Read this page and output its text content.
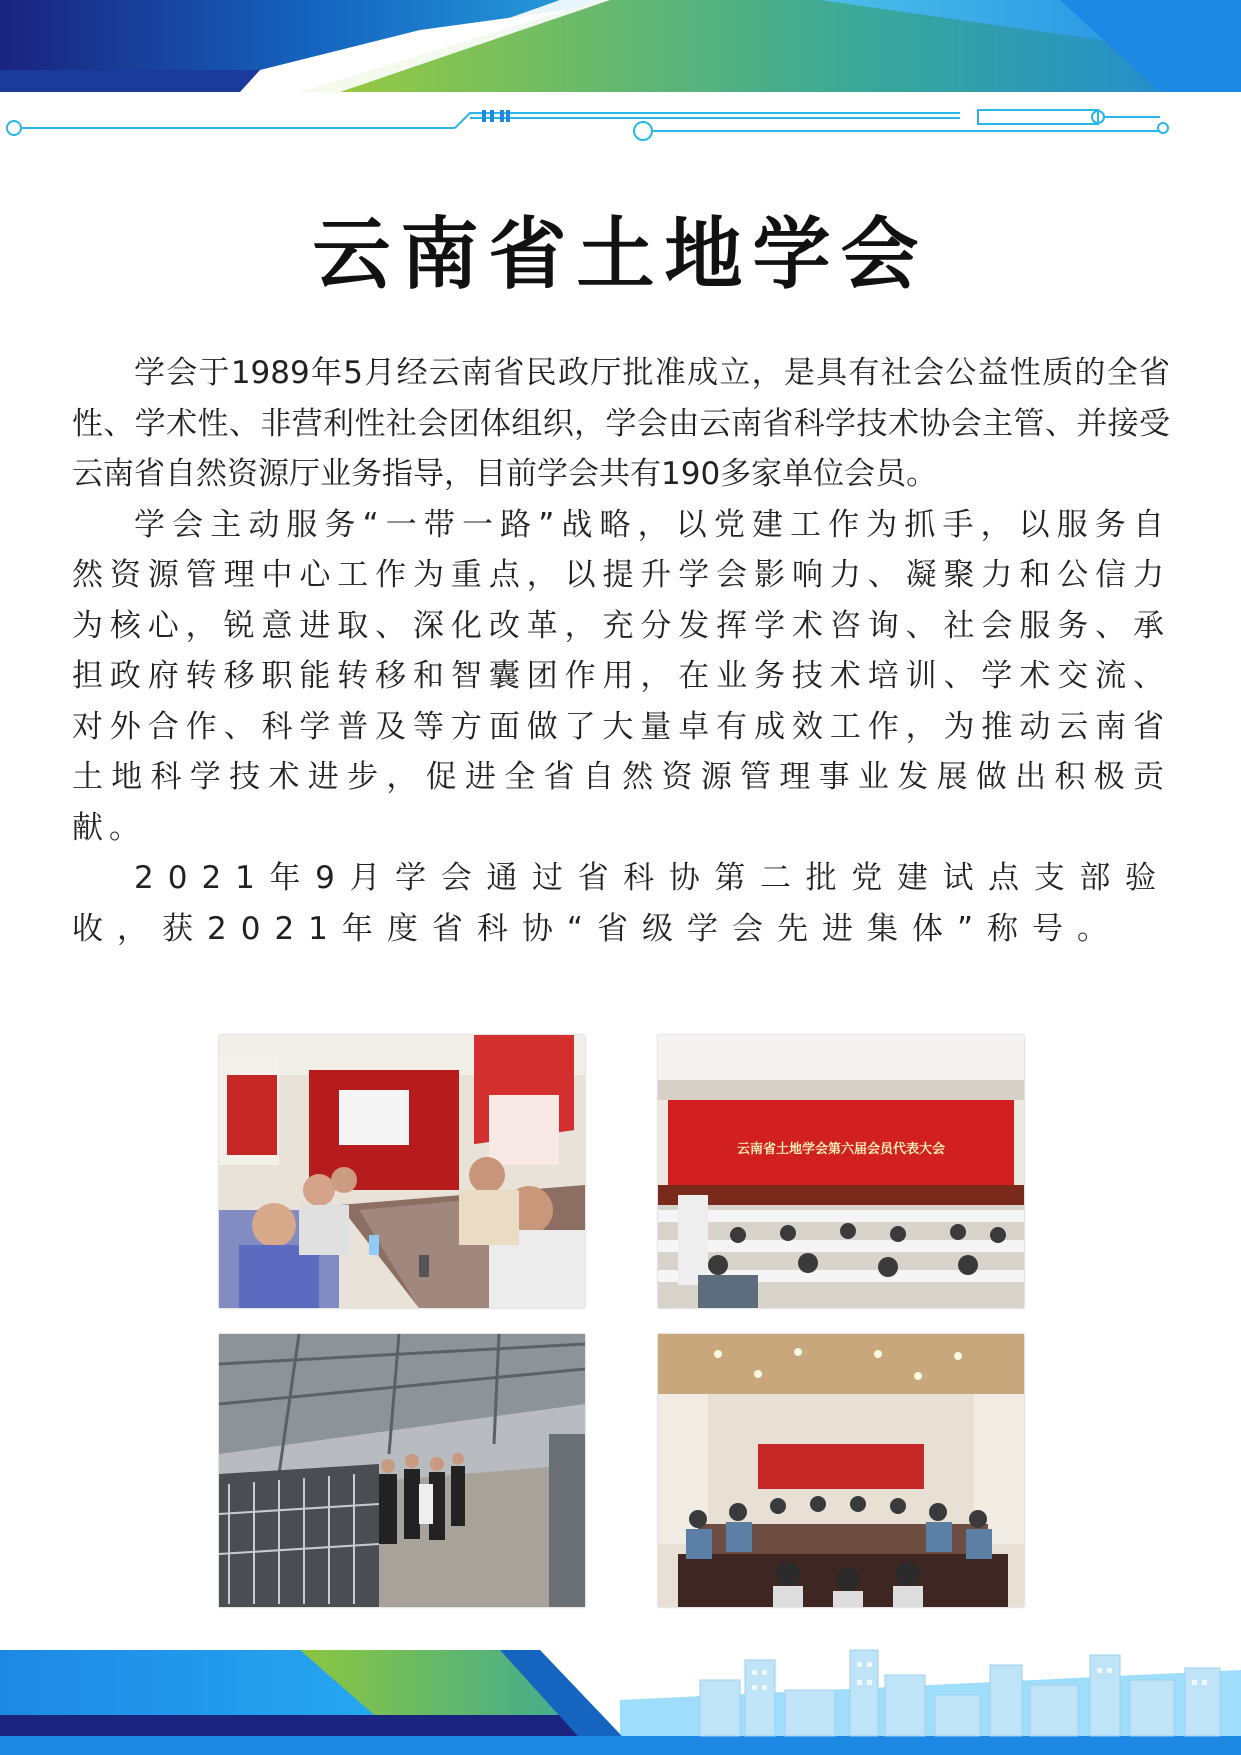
云南省土地学会

学会于1989年5月经云南省民政厅批准成立，是具有社会公益性质的全省性、学术性、非营利性社会团体组织，学会由云南省科学技术协会主管、并接受云南省自然资源厅业务指导，目前学会共有190多家单位会员。

学会主动服务“一带一路”战略，以党建工作为抓手，以服务自然资源管理中心工作为重点，以提升学会影响力、凝聚力和公信力为核心，锐意进取、深化改革，充分发挥学术咨询、社会服务、承担政府转移职能转移和智囊团作用，在业务技术培训、学术交流、对外合作、科学普及等方面做了大量卓有成效工作，为推动云南省土地科学技术进步，促进全省自然资源管理事业发展做出积极贡献。

2021年9月学会通过省科协第二批党建试点支部验收，获2021年度省科协“省级学会先进集体”称号。

云南省土地学会第六届会员代表大会
